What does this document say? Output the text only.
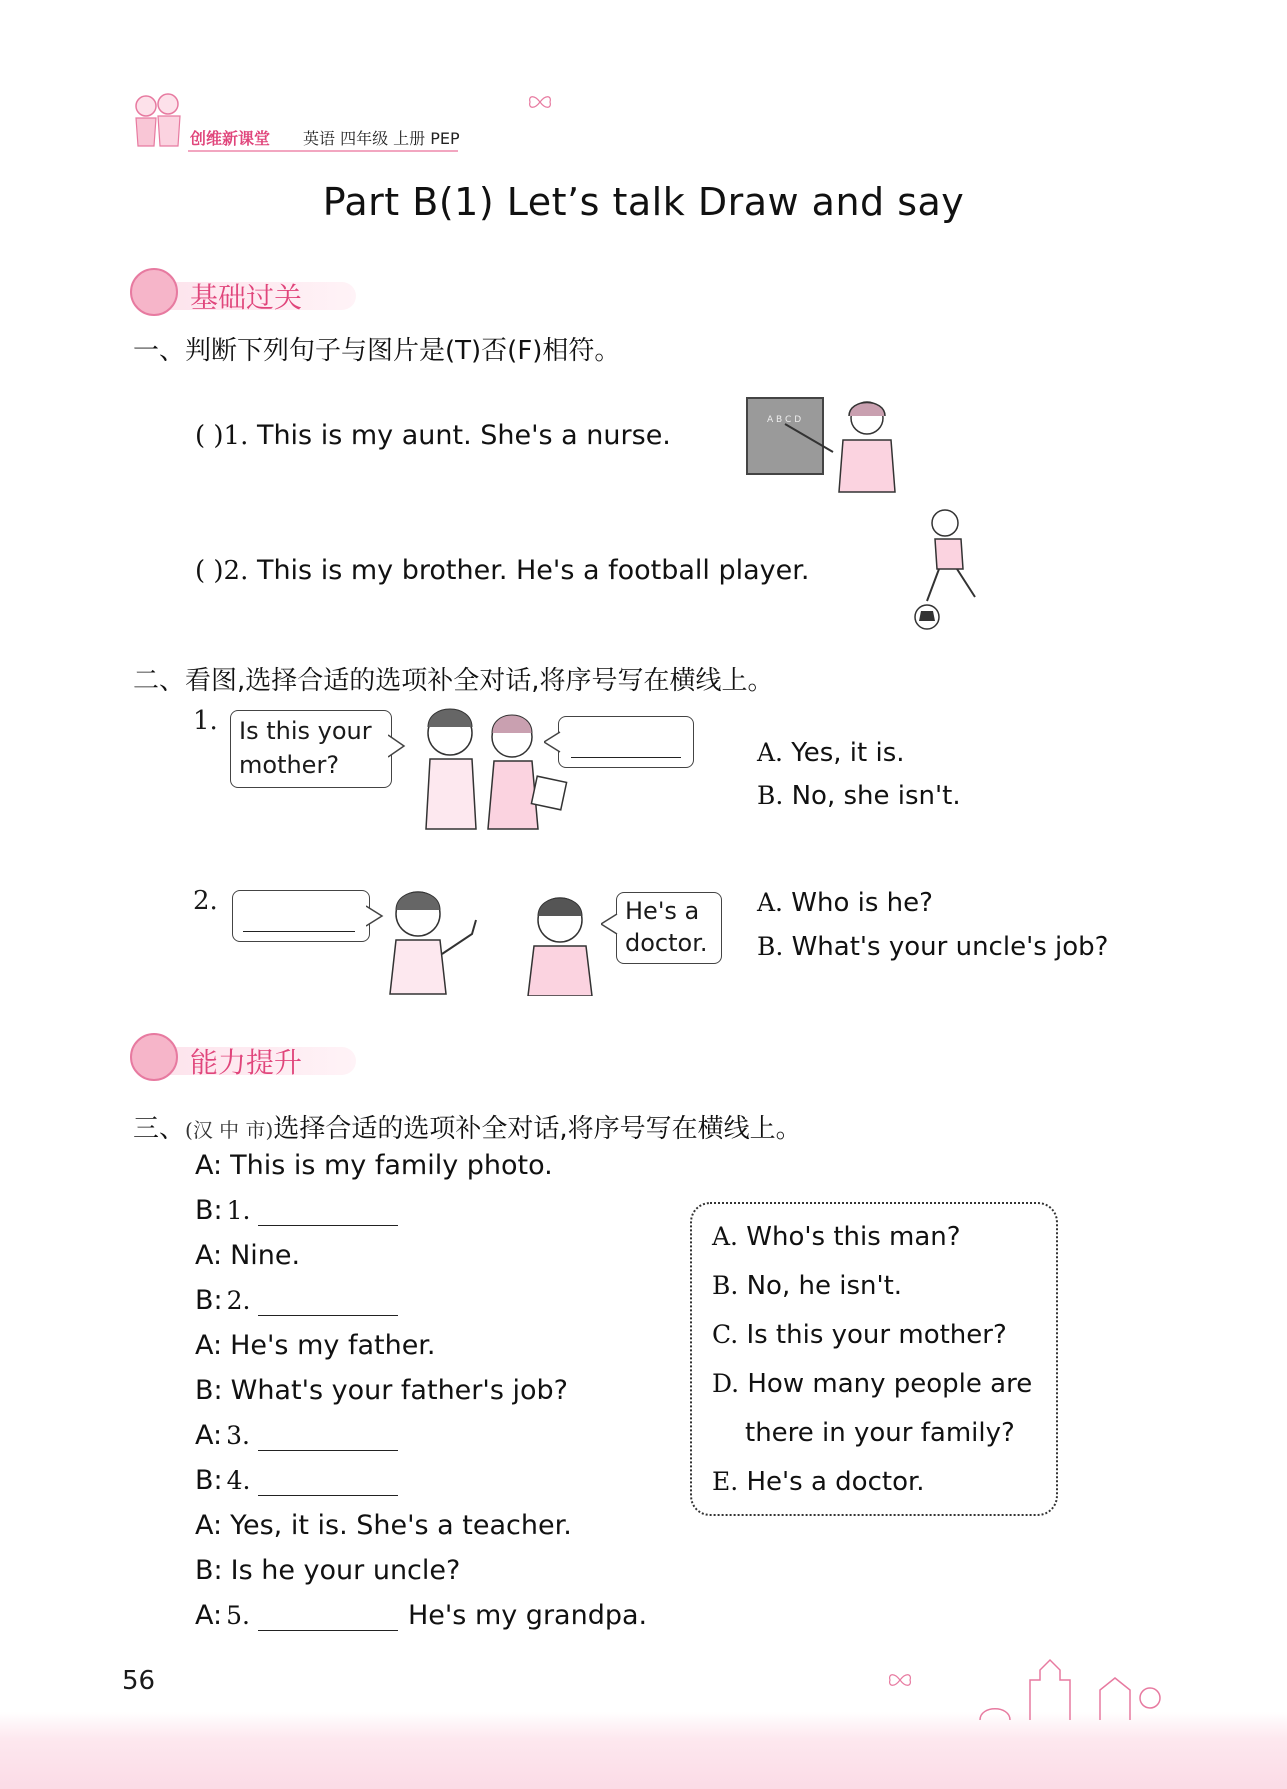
创维新课堂 英语 四年级 上册 PEP
Part B(1) Let’s talk Draw and say
基础过关
一、判断下列句子与图片是(T)否(F)相符。
( )1. This is my aunt. She's a nurse.	A B C D
( )2. This is my brother. He's a football player.
二、看图,选择合适的选项补全对话,将序号写在横线上。
1. Is this your
mother?	A. Yes, it is.
B. No, she isn't.
2.	He's a
doctor.
A. Who is he?
B. What's your uncle's job?
能力提升
三、(汉 中 市)选择合适的选项补全对话,将序号写在横线上。
A: This is my family photo.
B: 1.
A: Nine.
B: 2.
A: He's my father.
B: What's your father's job?
A: 3.
B: 4.
A: Yes, it is. She's a teacher.
B: Is he your uncle?
A: 5.	He's my grandpa.
A. Who's this man?
B. No, he isn't.
C. Is this your mother?
D. How many people are
there in your family?
E. He's a doctor.
56
